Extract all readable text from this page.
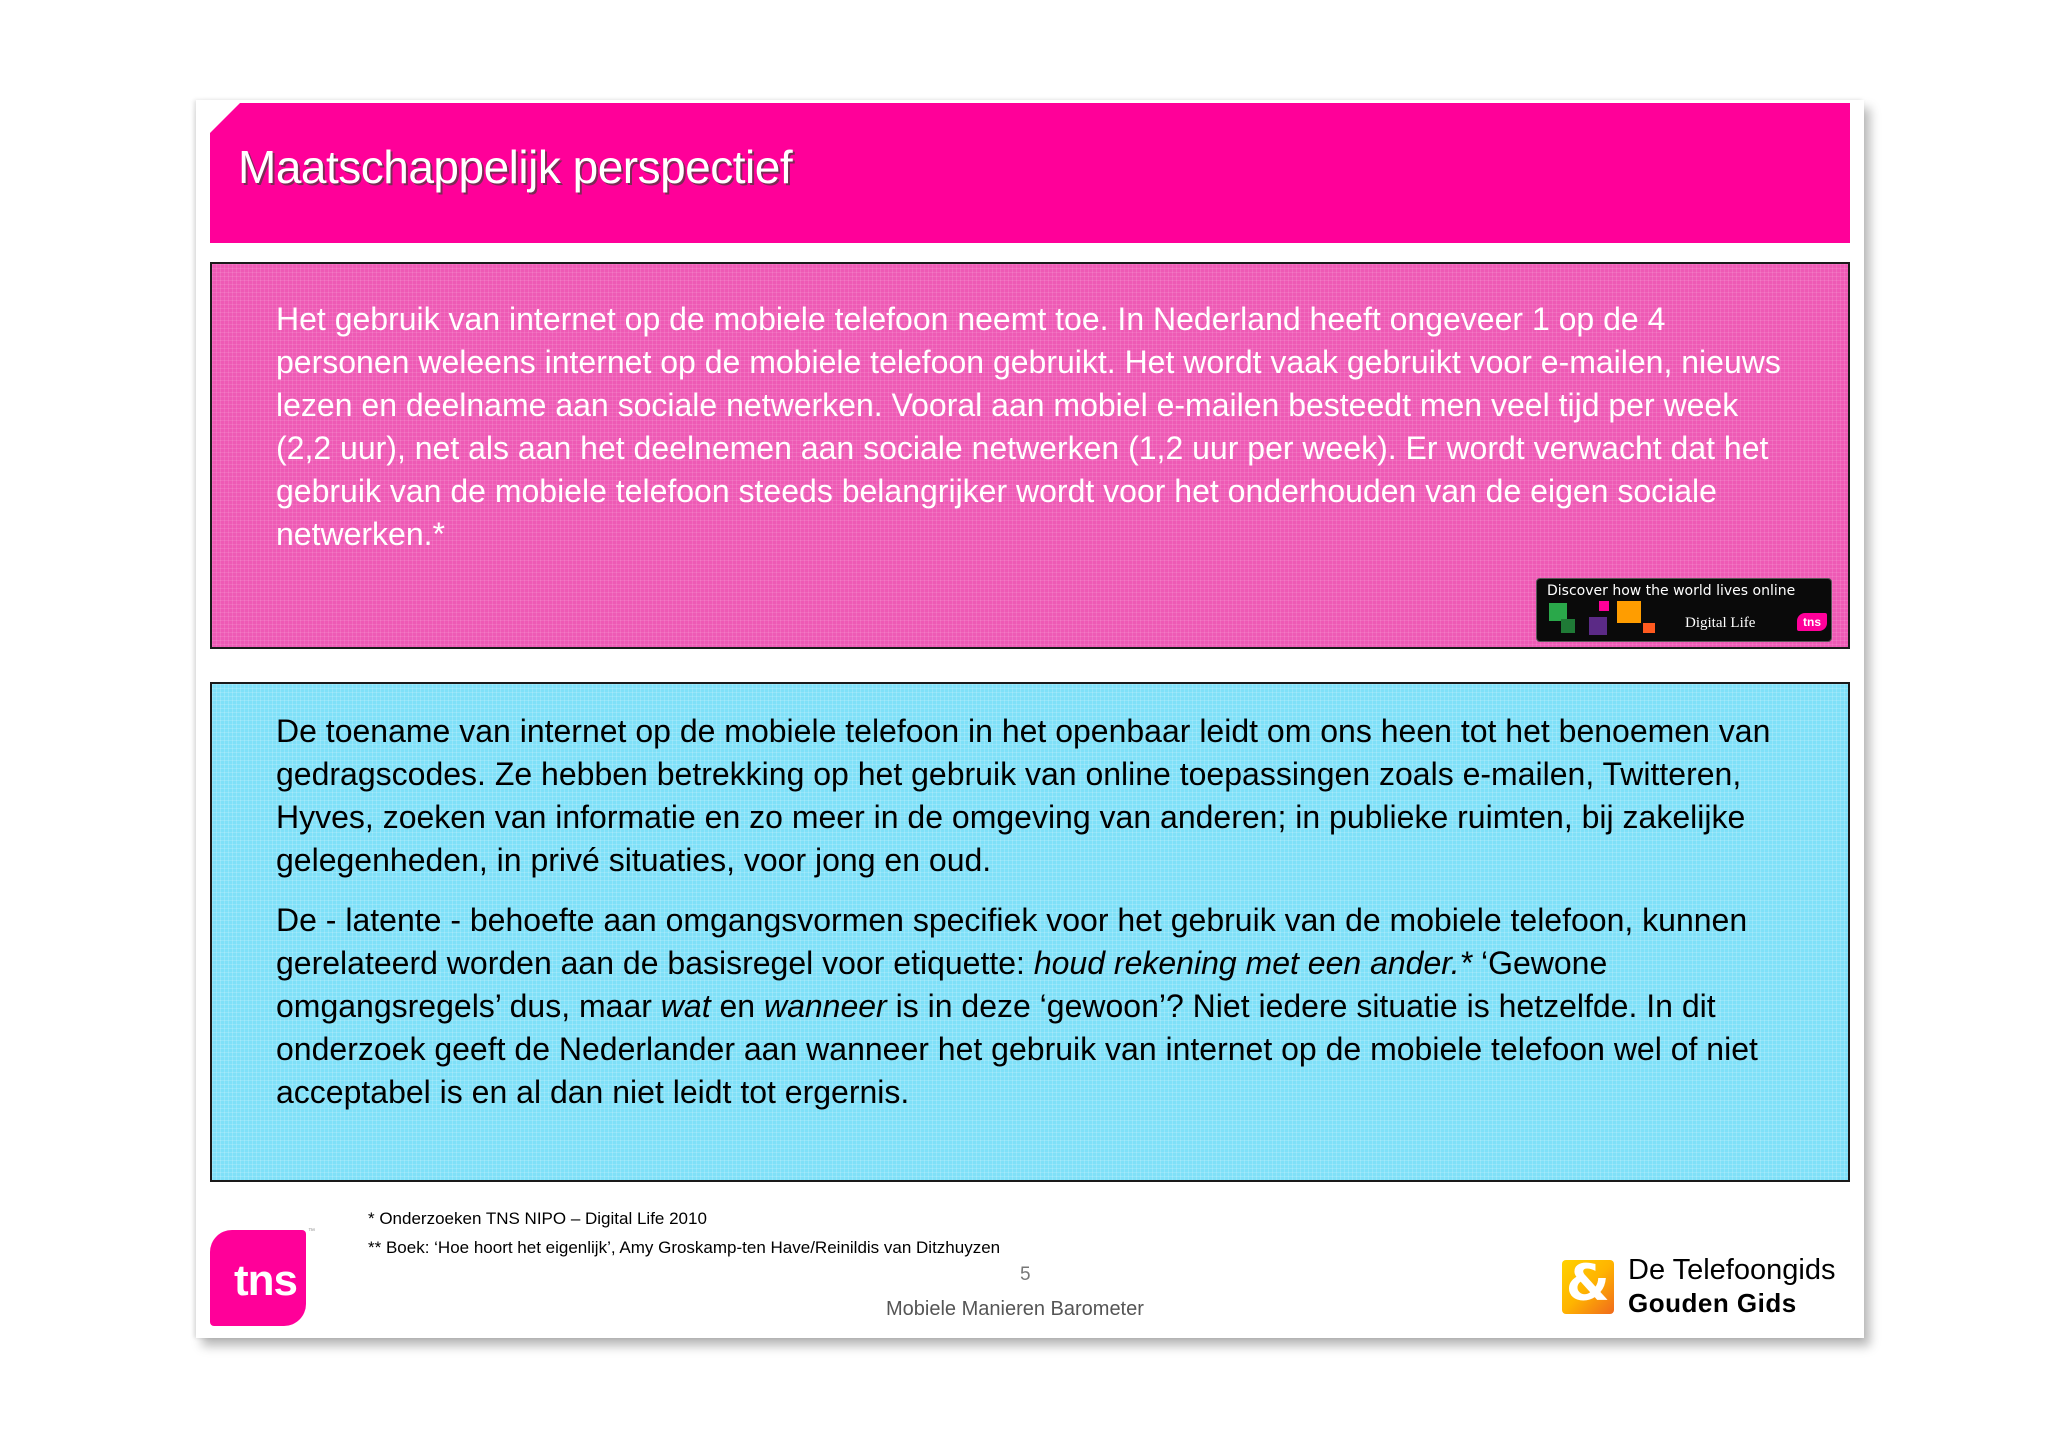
Maatschappelijk perspectief

Het gebruik van internet op de mobiele telefoon neemt toe. In Nederland heeft ongeveer 1 op de 4 personen weleens internet op de mobiele telefoon gebruikt. Het wordt vaak gebruikt voor e-mailen, nieuws lezen en deelname aan sociale netwerken. Vooral aan mobiel e-mailen besteedt men veel tijd per week (2,2 uur), net als aan het deelnemen aan sociale netwerken (1,2 uur per week). Er wordt verwacht dat het gebruik van de mobiele telefoon steeds belangrijker wordt voor het onderhouden van de eigen sociale netwerken.*

Discover how the world lives online
Digital Life	tns

De toename van internet op de mobiele telefoon in het openbaar leidt om ons heen tot het benoemen van gedragscodes. Ze hebben betrekking op het gebruik van online toepassingen zoals e-mailen, Twitteren, Hyves, zoeken van informatie en zo meer in de omgeving van anderen; in publieke ruimten, bij zakelijke gelegenheden, in privé situaties, voor jong en oud.

De - latente - behoefte aan omgangsvormen specifiek voor het gebruik van de mobiele telefoon, kunnen gerelateerd worden aan de basisregel voor etiquette: houd rekening met een ander.* ‘Gewone omgangsregels’ dus, maar wat en wanneer is in deze ‘gewoon’? Niet iedere situatie is hetzelfde. In dit onderzoek geeft de Nederlander aan wanneer het gebruik van internet op de mobiele telefoon wel of niet acceptabel is en al dan niet leidt tot ergernis.

* Onderzoeken TNS NIPO – Digital Life 2010

** Boek: ‘Hoe hoort het eigenlijk’, Amy Groskamp-ten Have/Reinildis van Ditzhuyzen

5
Mobiele Manieren Barometer
tns
™
& De Telefoongids
Gouden Gids
